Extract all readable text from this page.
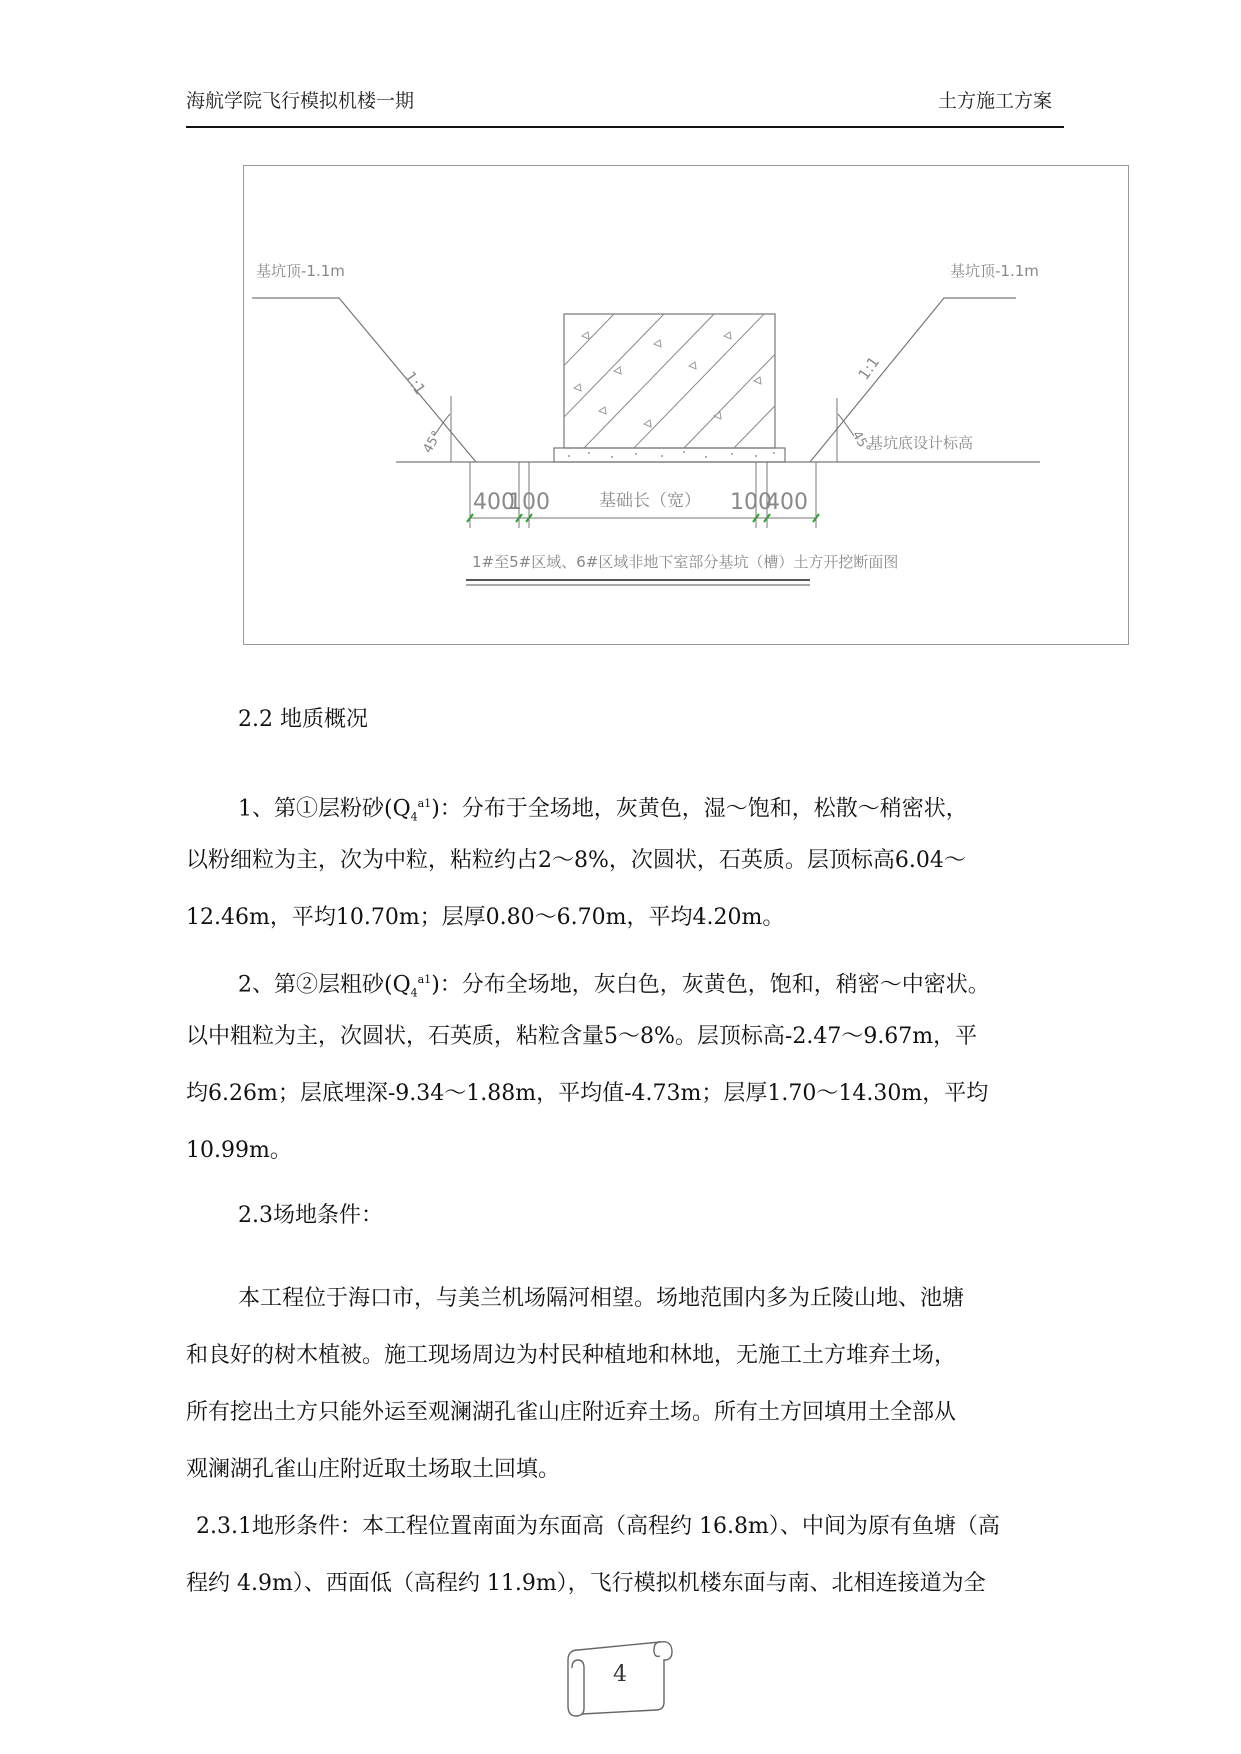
海航学院飞行模拟机楼一期	土方施工方案
基坑顶-1.1m	基坑顶-1.1m
1:1	1:1
45°	45°
基坑底设计标高
400
100	基础长（宽） 100
400
1#至5#区域、6#区域非地下室部分基坑（槽）土方开挖断面图
2.2 地质概况
1、第①层粉砂$(Q_4^{a1})$：分布于全场地，灰黄色，湿～饱和，松散～稍密状，
以粉细粒为主，次为中粒，粘粒约占2～8%，次圆状，石英质。层顶标高6.04～
12.46m，平均10.70m；层厚0.80～6.70m，平均4.20m。
2、第②层粗砂$(Q_4^{a1})$：分布全场地，灰白色，灰黄色，饱和，稍密～中密状。
以中粗粒为主，次圆状，石英质，粘粒含量5～8%。层顶标高-2.47～9.67m，平
均6.26m；层底埋深-9.34～1.88m，平均值-4.73m；层厚1.70～14.30m，平均
10.99m。
2.3场地条件：
本工程位于海口市，与美兰机场隔河相望。场地范围内多为丘陵山地、池塘
和良好的树木植被。施工现场周边为村民种植地和林地，无施工土方堆弃土场，
所有挖出土方只能外运至观澜湖孔雀山庄附近弃土场。所有土方回填用土全部从
观澜湖孔雀山庄附近取土场取土回填。
2.3.1地形条件：本工程位置南面为东面高（高程约 16.8m）、中间为原有鱼塘（高
程约 4.9m）、西面低（高程约 11.9m），飞行模拟机楼东面与南、北相连接道为全
4
